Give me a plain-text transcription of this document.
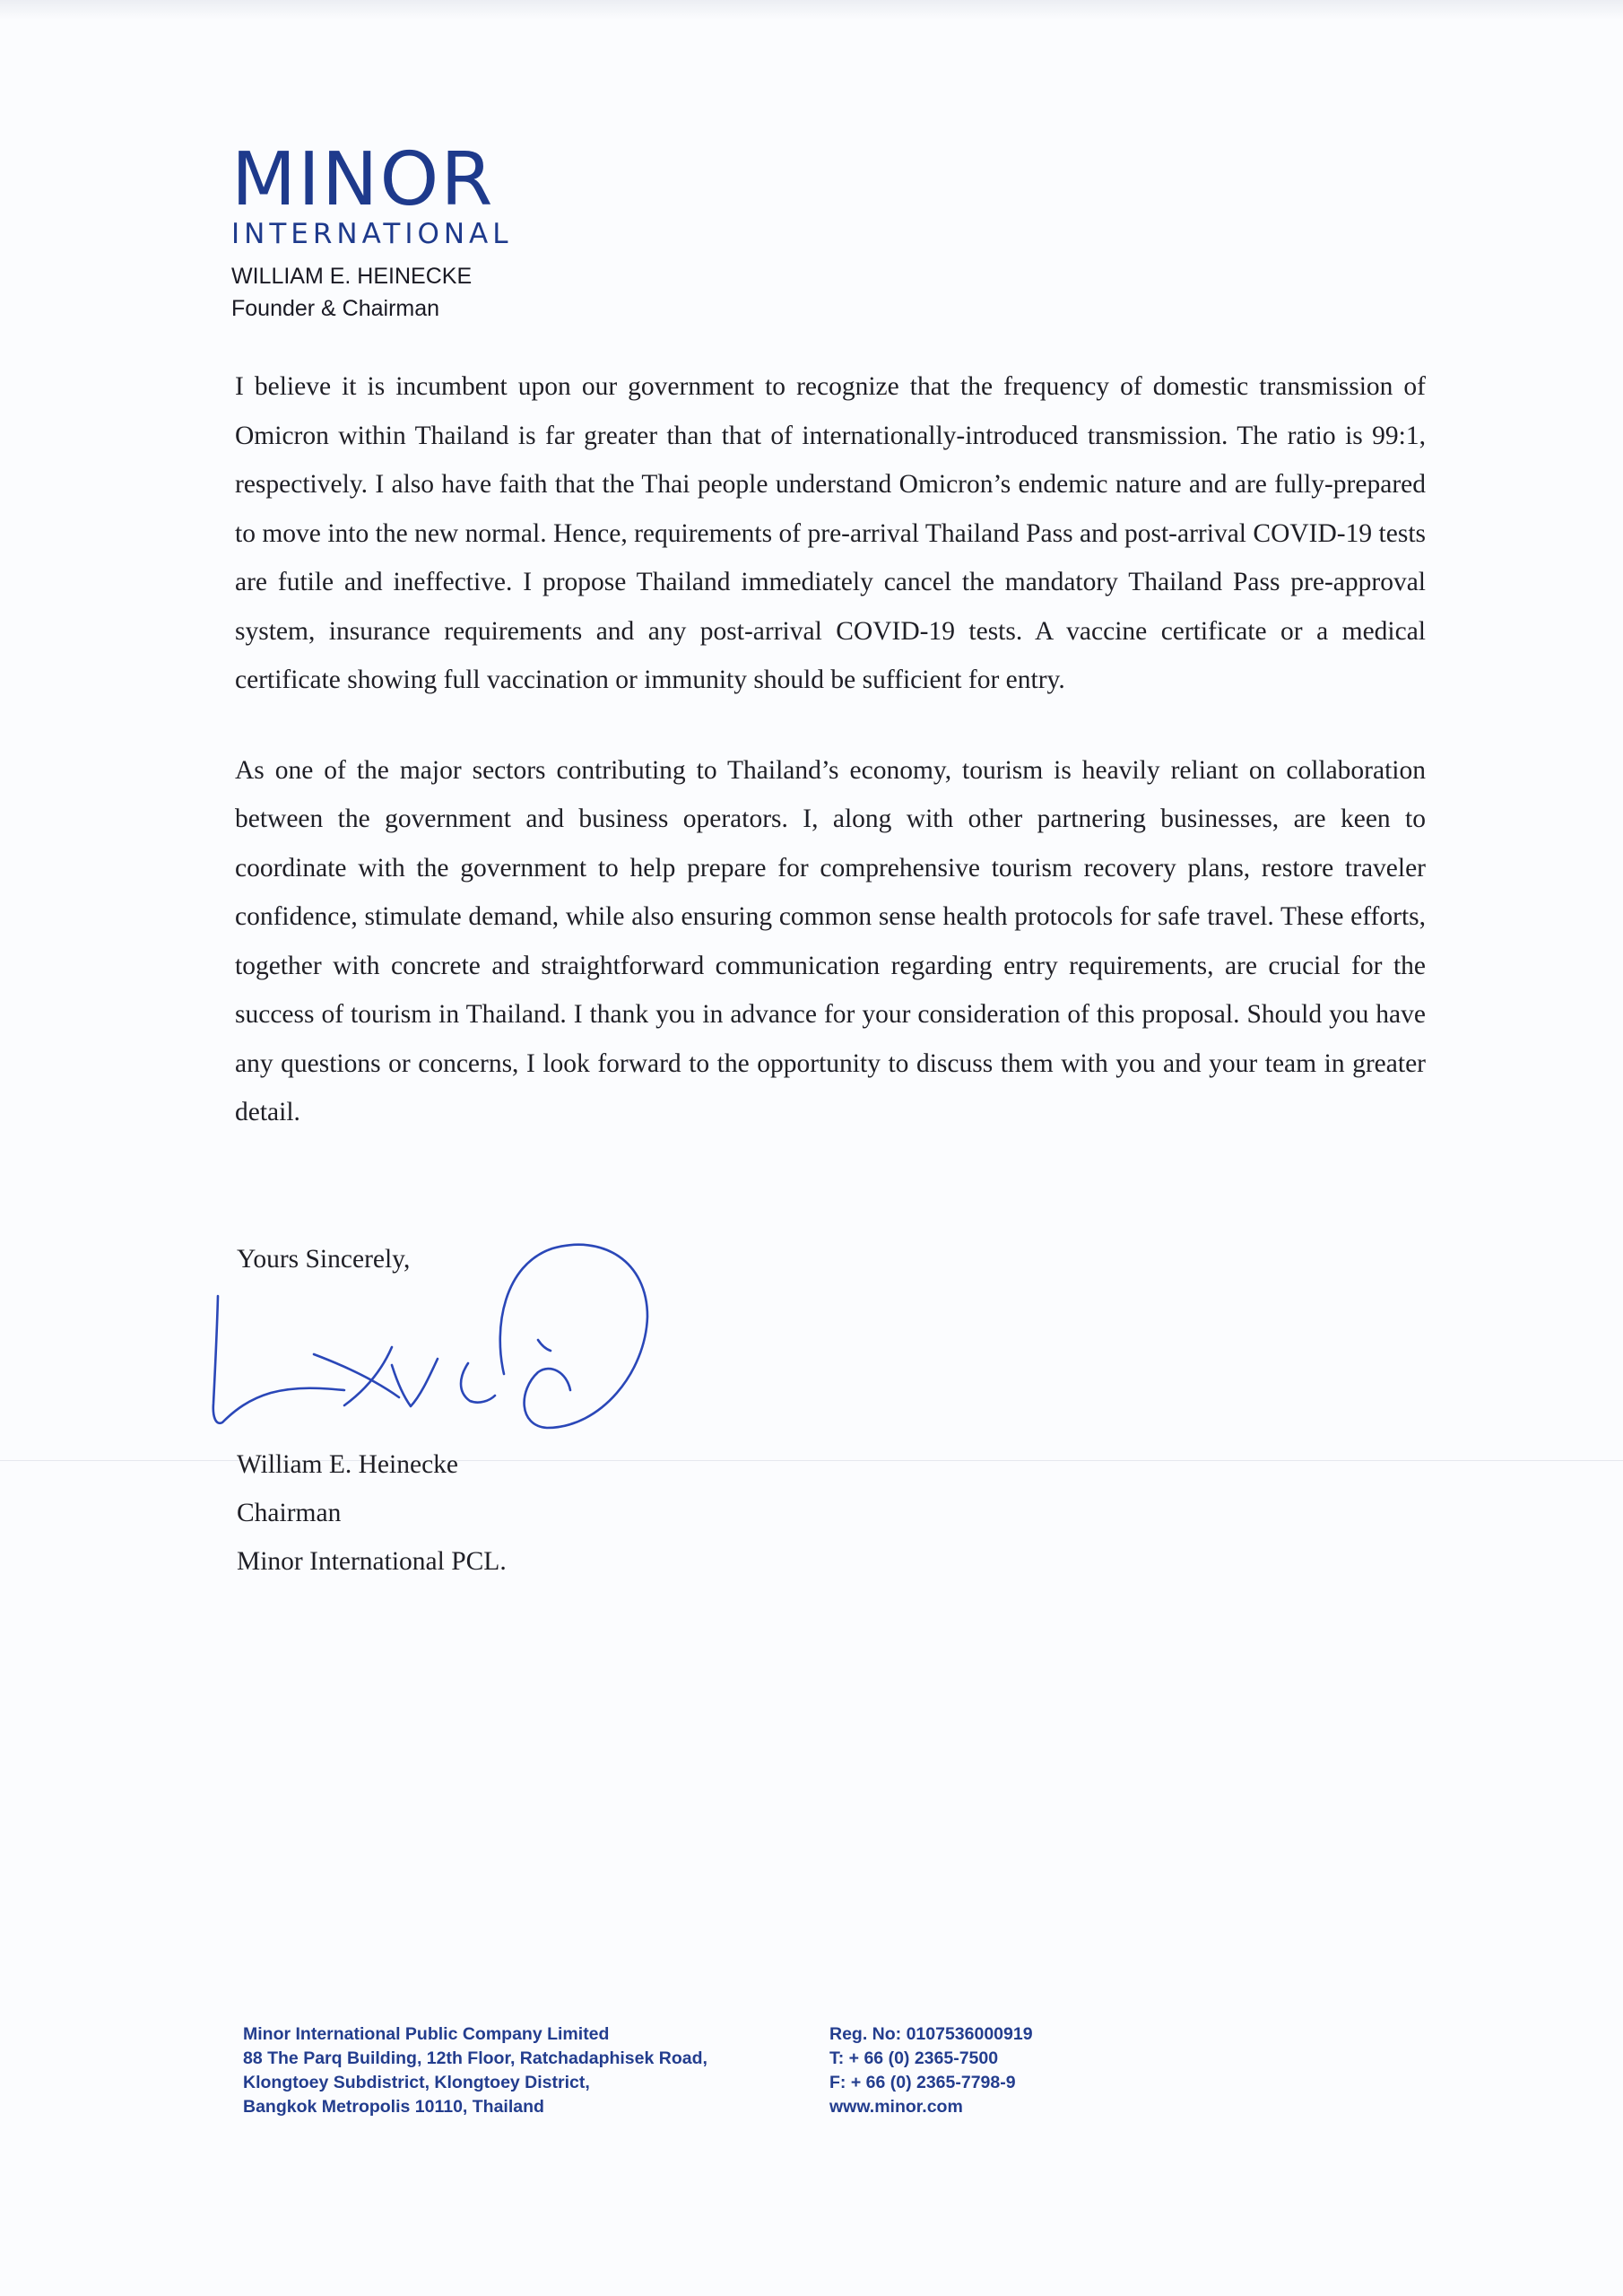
MINOR
INTERNATIONAL
WILLIAM E. HEINECKE
Founder & Chairman

I believe it is incumbent upon our government to recognize that the frequency of domestic transmission of Omicron within Thailand is far greater than that of internationally-introduced transmission. The ratio is 99:1, respectively. I also have faith that the Thai people understand Omicron’s endemic nature and are fully-prepared to move into the new normal. Hence, requirements of pre-arrival Thailand Pass and post-arrival COVID-19 tests are futile and ineffective. I propose Thailand immediately cancel the mandatory Thailand Pass pre-approval system, insurance requirements and any post-arrival COVID-19 tests. A vaccine certificate or a medical certificate showing full vaccination or immunity should be sufficient for entry.

As one of the major sectors contributing to Thailand’s economy, tourism is heavily reliant on collaboration between the government and business operators. I, along with other partnering businesses, are keen to coordinate with the government to help prepare for comprehensive tourism recovery plans, restore traveler confidence, stimulate demand, while also ensuring common sense health protocols for safe travel. These efforts, together with concrete and straightforward communication regarding entry requirements, are crucial for the success of tourism in Thailand. I thank you in advance for your consideration of this proposal. Should you have any questions or concerns, I look forward to the opportunity to discuss them with you and your team in greater detail.

Yours Sincerely,
William E. Heinecke
Chairman
Minor International PCL.
Minor International Public Company Limited
88 The Parq Building, 12th Floor, Ratchadaphisek Road,
Klongtoey Subdistrict, Klongtoey District,
Bangkok Metropolis 10110, Thailand
Reg. No: 0107536000919
T: + 66 (0) 2365-7500
F: + 66 (0) 2365-7798-9
www.minor.com
